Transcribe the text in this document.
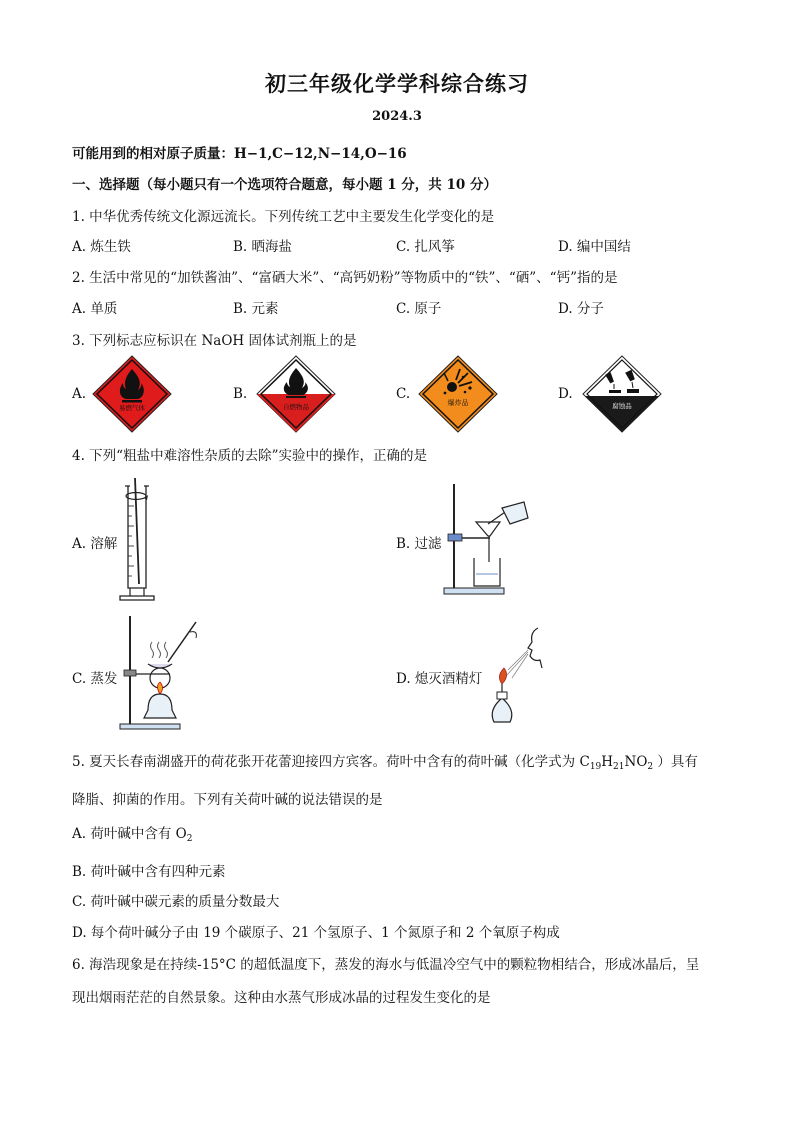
初三年级化学学科综合练习
2024.3
可能用到的相对原子质量：H−1,C−12,N−14,O−16
一、选择题（每小题只有一个选项符合题意，每小题 1 分，共 10 分）
1. 中华优秀传统文化源远流长。下列传统工艺中主要发生化学变化的是
A. 炼生铁	B. 晒海盐	C. 扎风筝	D. 编中国结
2. 生活中常见的“加铁酱油”、“富硒大米”、“高钙奶粉”等物质中的“铁”、“硒”、“钙”指的是
A. 单质	B. 元素	C. 原子	D. 分子
3. 下列标志应标识在 NaOH 固体试剂瓶上的是
A.	B.	C.	D.
易燃气体	自燃物品	爆炸品	腐蚀品
4. 下列“粗盐中难溶性杂质的去除”实验中的操作，正确的是
A. 溶解	B. 过滤
C. 蒸发	D. 熄灭酒精灯
5. 夏天长春南湖盛开的荷花张开花蕾迎接四方宾客。荷叶中含有的荷叶碱（化学式为 $C_{19}H_{21}NO_2$ ）具有
降脂、抑菌的作用。下列有关荷叶碱的说法错误的是
A. 荷叶碱中含有 $O_2$
B. 荷叶碱中含有四种元素
C. 荷叶碱中碳元素的质量分数最大
D. 每个荷叶碱分子由 19 个碳原子、21 个氢原子、1 个氮原子和 2 个氧原子构成
6. 海浩现象是在持续-15°C 的超低温度下，蒸发的海水与低温冷空气中的颗粒物相结合，形成冰晶后，呈
现出烟雨茫茫的自然景象。这种由水蒸气形成冰晶的过程发生变化的是
